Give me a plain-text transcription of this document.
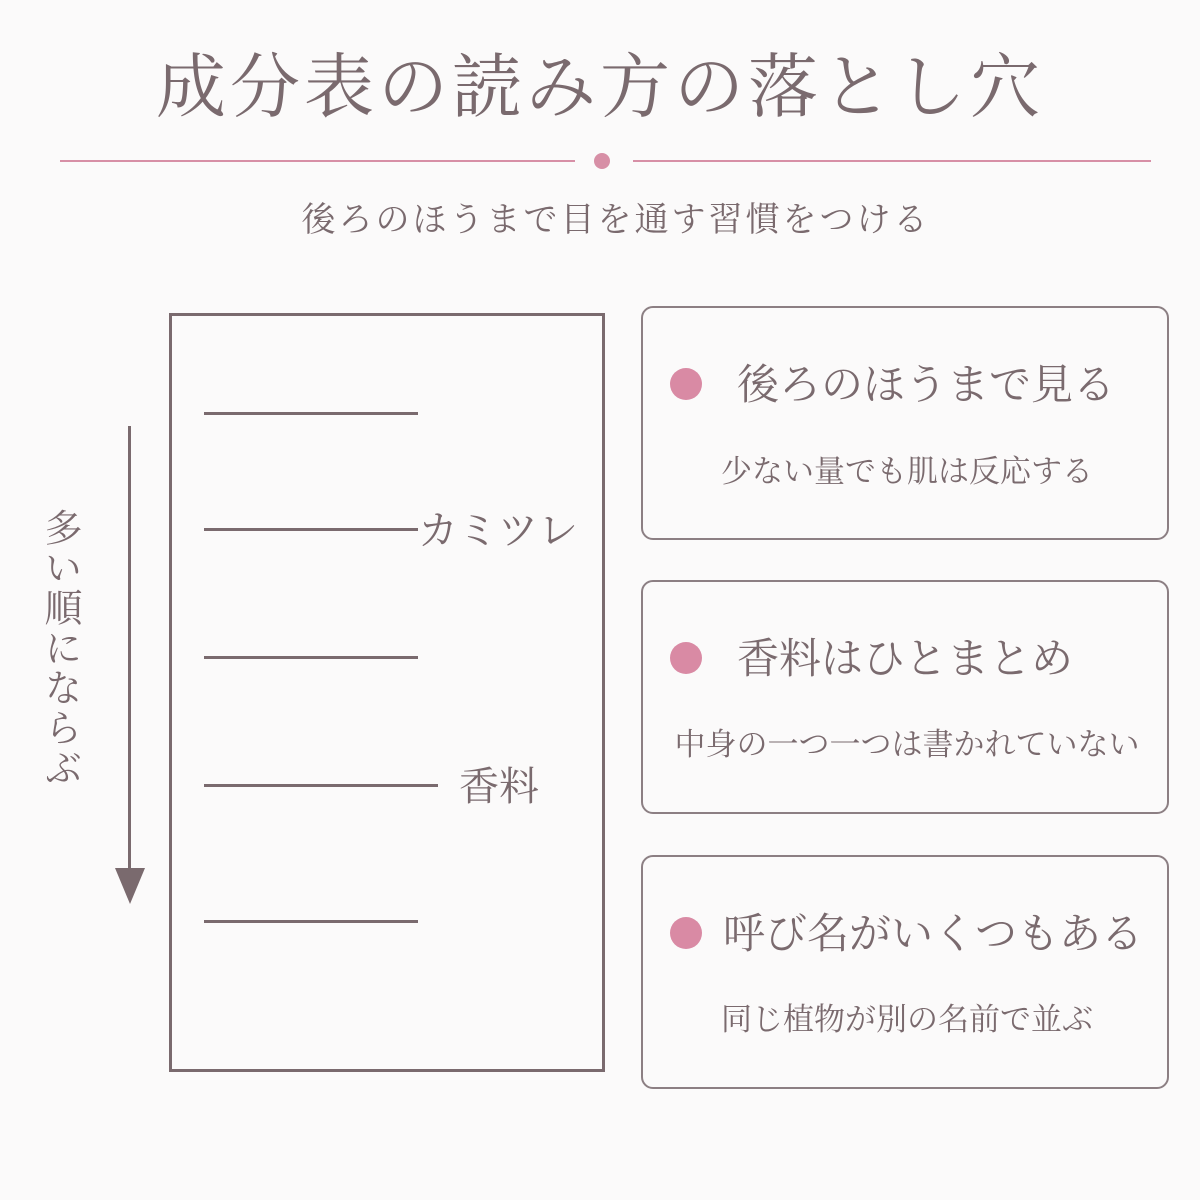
成分表の読み方の落とし穴
後ろのほうまで目を通す習慣をつける
多い順にならぶ	カミツレ
香料
後ろのほうまで見る
少ない量でも肌は反応する
香料はひとまとめ
中身の一つ一つは書かれていない
呼び名がいくつもある
同じ植物が別の名前で並ぶ
